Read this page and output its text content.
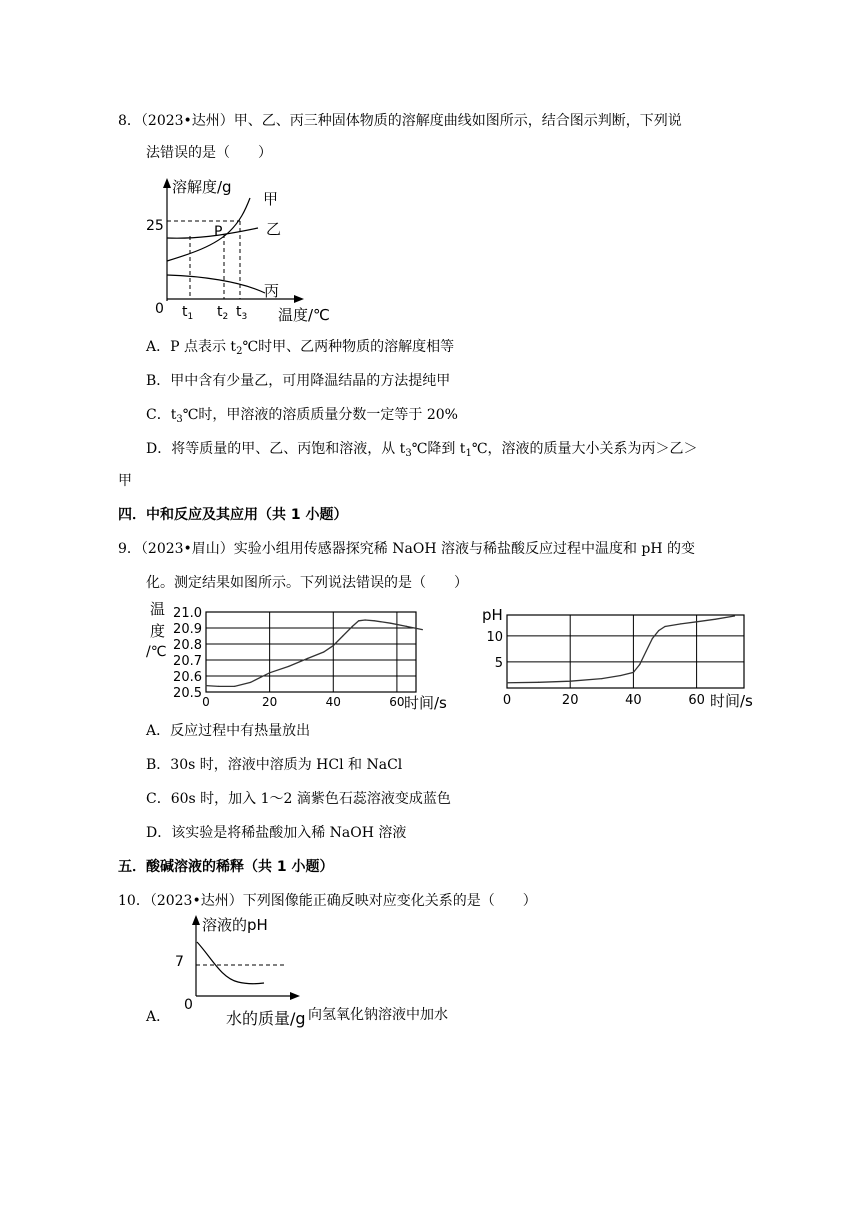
8．（2023•达州）甲、乙、丙三种固体物质的溶解度曲线如图所示，结合图示判断，下列说
法错误的是（　　）
溶解度/g
25
0
P
甲
乙
丙
$t_1$ $t_2$ $t_3$ 温度/℃
A．P 点表示 $t_2℃$时甲、乙两种物质的溶解度相等
B．甲中含有少量乙，可用降温结晶的方法提纯甲
C．$t_3℃$时，甲溶液的溶质质量分数一定等于 20%
D．将等质量的甲、乙、丙饱和溶液，从 $t_3℃$降到 $t_1℃$，溶液的质量大小关系为丙＞乙＞
甲
四．中和反应及其应用（共 1 小题）
9．（2023•眉山）实验小组用传感器探究稀 NaOH 溶液与稀盐酸反应过程中温度和 pH 的变
化。测定结果如图所示。下列说法错误的是（　　）
20.5
20.6
20.7
20.8
20.9
21.0
0	20	40	60
温
度
/℃
时间/s
5
10
0	20	40	60
pH
时间/s
A．反应过程中有热量放出
B．30s 时，溶液中溶质为 HCl 和 NaCl
C．60s 时，加入 1～2 滴紫色石蕊溶液变成蓝色
D．该实验是将稀盐酸加入稀 NaOH 溶液
五．酸碱溶液的稀释（共 1 小题）
10．（2023•达州）下列图像能正确反映对应变化关系的是（　　）
溶液的pH
7
0
水的质量/g
A．	向氢氧化钠溶液中加水
